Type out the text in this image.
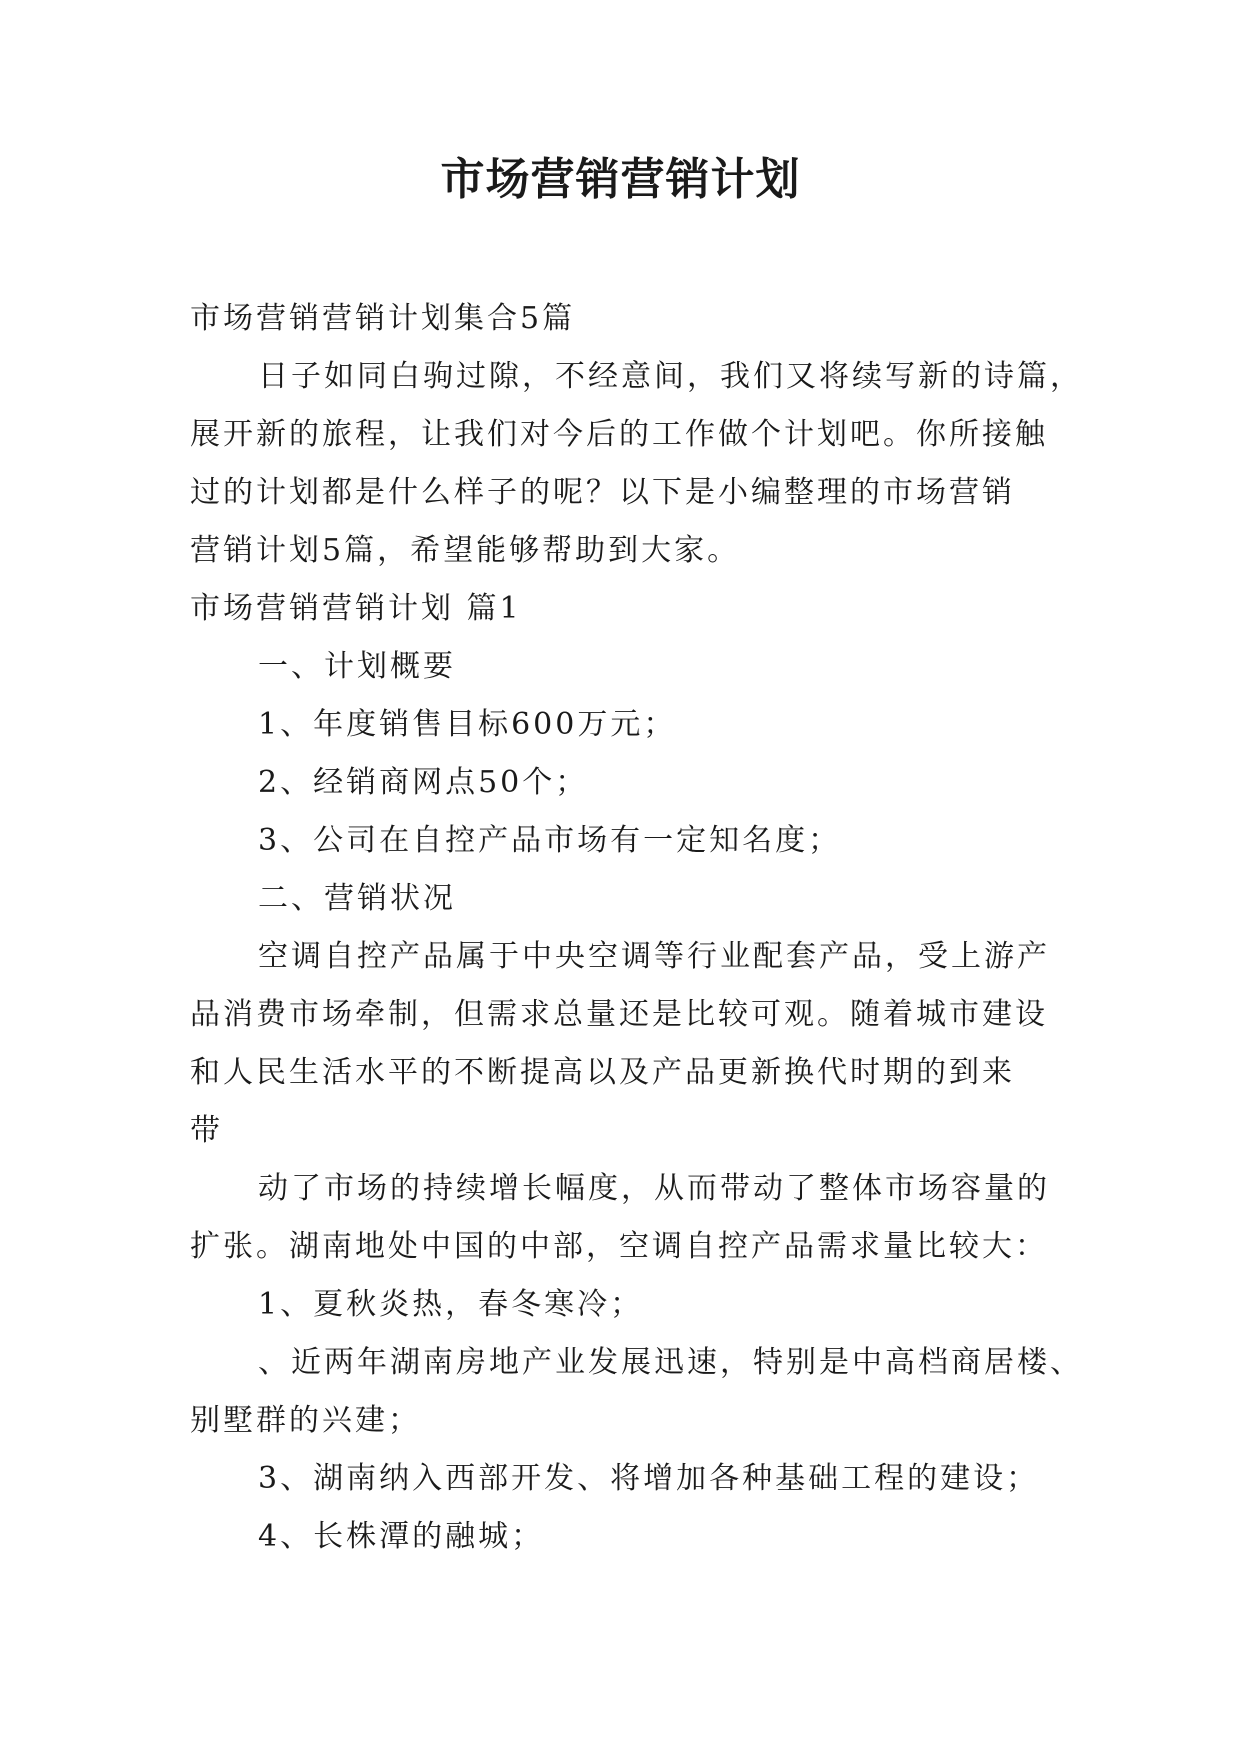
市场营销营销计划
市场营销营销计划集合5篇
日子如同白驹过隙，不经意间，我们又将续写新的诗篇，
展开新的旅程，让我们对今后的工作做个计划吧。你所接触
过的计划都是什么样子的呢？以下是小编整理的市场营销
营销计划5篇，希望能够帮助到大家。
市场营销营销计划 篇1
一、计划概要
1、年度销售目标600万元；
2、经销商网点50个；
3、公司在自控产品市场有一定知名度；
二、营销状况
空调自控产品属于中央空调等行业配套产品，受上游产
品消费市场牵制，但需求总量还是比较可观。随着城市建设
和人民生活水平的不断提高以及产品更新换代时期的到来
带
动了市场的持续增长幅度，从而带动了整体市场容量的
扩张。湖南地处中国的中部，空调自控产品需求量比较大：
1、夏秋炎热，春冬寒冷；
、近两年湖南房地产业发展迅速，特别是中高档商居楼、
别墅群的兴建；
3、湖南纳入西部开发、将增加各种基础工程的建设；
4、长株潭的融城；
